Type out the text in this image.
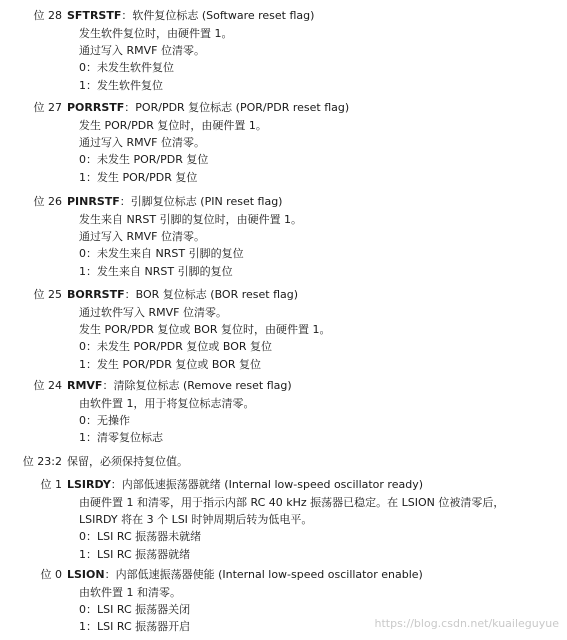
位 28 SFTRSTF：软件复位标志 (Software reset flag)
发生软件复位时，由硬件置 1。
通过写入 RMVF 位清零。
0：未发生软件复位
1：发生软件复位
位 27 PORRSTF：POR/PDR 复位标志 (POR/PDR reset flag)
发生 POR/PDR 复位时，由硬件置 1。
通过写入 RMVF 位清零。
0：未发生 POR/PDR 复位
1：发生 POR/PDR 复位
位 26 PINRSTF：引脚复位标志 (PIN reset flag)
发生来自 NRST 引脚的复位时，由硬件置 1。
通过写入 RMVF 位清零。
0：未发生来自 NRST 引脚的复位
1：发生来自 NRST 引脚的复位
位 25 BORRSTF：BOR 复位标志 (BOR reset flag)
通过软件写入 RMVF 位清零。
发生 POR/PDR 复位或 BOR 复位时，由硬件置 1。
0：未发生 POR/PDR 复位或 BOR 复位
1：发生 POR/PDR 复位或 BOR 复位
位 24 RMVF：清除复位标志 (Remove reset flag)
由软件置 1，用于将复位标志清零。
0：无操作
1：清零复位标志
位 23:2 保留，必须保持复位值。
位 1 LSIRDY：内部低速振荡器就绪 (Internal low-speed oscillator ready)
由硬件置 1 和清零，用于指示内部 RC 40 kHz 振荡器已稳定。在 LSION 位被清零后，
LSIRDY 将在 3 个 LSI 时钟周期后转为低电平。
0：LSI RC 振荡器未就绪
1：LSI RC 振荡器就绪
位 0 LSION：内部低速振荡器使能 (Internal low-speed oscillator enable)
由软件置 1 和清零。
0：LSI RC 振荡器关闭
1：LSI RC 振荡器开启	https://blog.csdn.net/kuaileguyue
